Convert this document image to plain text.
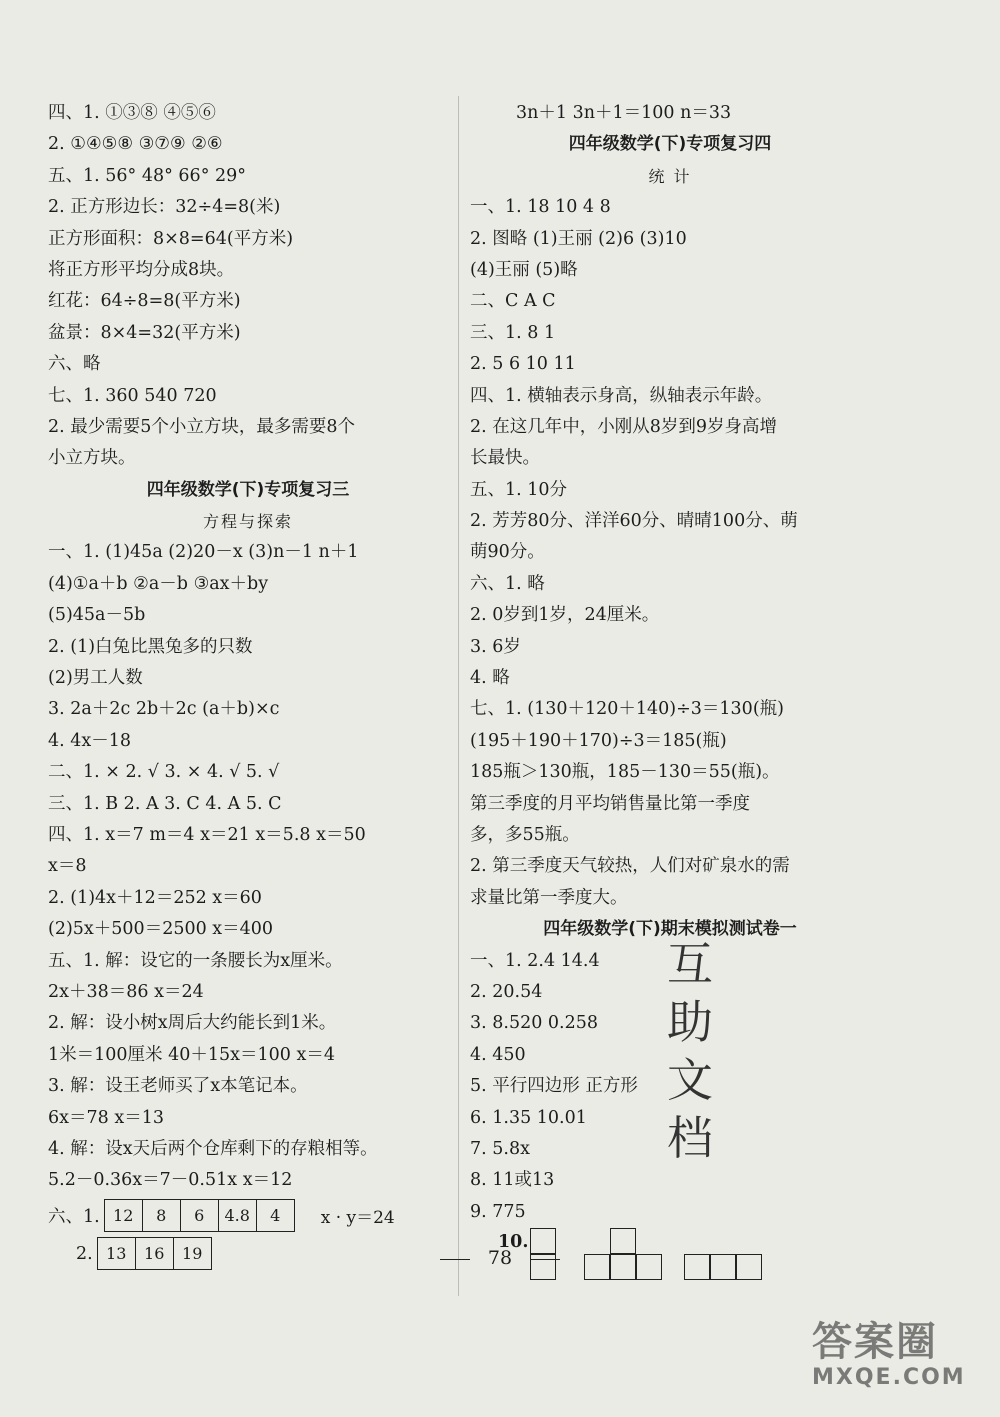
四、1. ①③⑧ ④⑤⑥
2. ①④⑤⑧ ③⑦⑨ ②⑥
五、1. 56° 48° 66° 29°
2. 正方形边长：32÷4=8(米)
正方形面积：8×8=64(平方米)
将正方形平均分成8块。
红花：64÷8=8(平方米)
盆景：8×4=32(平方米)
六、略
七、1. 360 540 720
2. 最少需要5个小立方块，最多需要8个
小立方块。
四年级数学(下)专项复习三
方程与探索
一、1. (1)45a (2)20－x (3)n－1 n＋1
(4)①a＋b ②a－b ③ax＋by
(5)45a－5b
2. (1)白兔比黑兔多的只数
(2)男工人数
3. 2a＋2c 2b＋2c (a＋b)×c
4. 4x－18
二、1. × 2. √ 3. × 4. √ 5. √
三、1. B 2. A 3. C 4. A 5. C
四、1. x＝7 m＝4 x＝21 x＝5.8 x＝50
x＝8
2. (1)4x＋12＝252 x＝60
(2)5x＋500＝2500 x＝400
五、1. 解：设它的一条腰长为x厘米。
2x＋38＝86 x＝24
2. 解：设小树x周后大约能长到1米。
1米＝100厘米 40＋15x＝100 x＝4
3. 解：设王老师买了x本笔记本。
6x＝78 x＝13
4. 解：设x天后两个仓库剩下的存粮相等。
5.2－0.36x＝7－0.51x x＝12
六、1. 12	8	6	4.8	4	x · y＝24
2. 13	16	19
3n＋1 3n＋1＝100 n＝33
四年级数学(下)专项复习四
统 计
一、1. 18 10 4 8
2. 图略 (1)王丽 (2)6 (3)10
(4)王丽 (5)略
二、C A C
三、1. 8 1
2. 5 6 10 11
四、1. 横轴表示身高，纵轴表示年龄。
2. 在这几年中，小刚从8岁到9岁身高增
长最快。
五、1. 10分
2. 芳芳80分、洋洋60分、晴晴100分、萌
萌90分。
六、1. 略
2. 0岁到1岁，24厘米。
3. 6岁
4. 略
七、1. (130＋120＋140)÷3＝130(瓶)
(195＋190＋170)÷3＝185(瓶)
185瓶＞130瓶，185－130＝55(瓶)。
第三季度的月平均销售量比第一季度
多，多55瓶。
2. 第三季度天气较热，人们对矿泉水的需
求量比第一季度大。
四年级数学(下)期末模拟测试卷一
一、1. 2.4 14.4
2. 20.54
3. 8.520 0.258
4. 450
5. 平行四边形 正方形
6. 1.35 10.01
7. 5.8x
8. 11或13
9. 775
10.
互
助
文
档
78
答案圈
MXQE.COM
